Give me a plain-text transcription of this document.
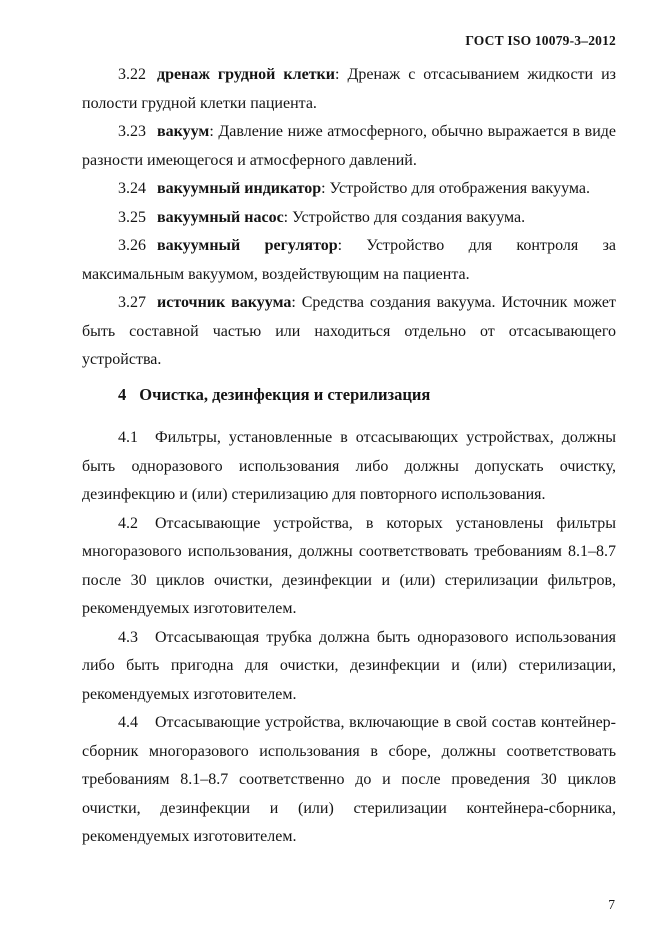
ГОСТ ISO 10079-3–2012

3.22 дренаж грудной клетки: Дренаж с отсасыванием жидкости из полости грудной клетки пациента.

3.23 вакуум: Давление ниже атмосферного, обычно выражается в виде разности имеющегося и атмосферного давлений.

3.24 вакуумный индикатор: Устройство для отображения вакуума.

3.25 вакуумный насос: Устройство для создания вакуума.

3.26 вакуумный регулятор: Устройство для контроля за максимальным вакуумом, воздействующим на пациента.

3.27 источник вакуума: Средства создания вакуума. Источник может быть составной частью или находиться отдельно от отсасывающего устройства.

4 Очистка, дезинфекция и стерилизация

4.1 Фильтры, установленные в отсасывающих устройствах, должны быть одноразового использования либо должны допускать очистку, дезинфекцию и (или) стерилизацию для повторного использования.

4.2 Отсасывающие устройства, в которых установлены фильтры многоразового использования, должны соответствовать требованиям 8.1–8.7 после 30 циклов очистки, дезинфекции и (или) стерилизации фильтров, рекомендуемых изготовителем.

4.3 Отсасывающая трубка должна быть одноразового использования либо быть пригодна для очистки, дезинфекции и (или) стерилизации, рекомендуемых изготовителем.

4.4 Отсасывающие устройства, включающие в свой состав контейнер-сборник многоразового использования в сборе, должны соответствовать требованиям 8.1–8.7 соответственно до и после проведения 30 циклов очистки, дезинфекции и (или) стерилизации контейнера-сборника, рекомендуемых изготовителем.

7
